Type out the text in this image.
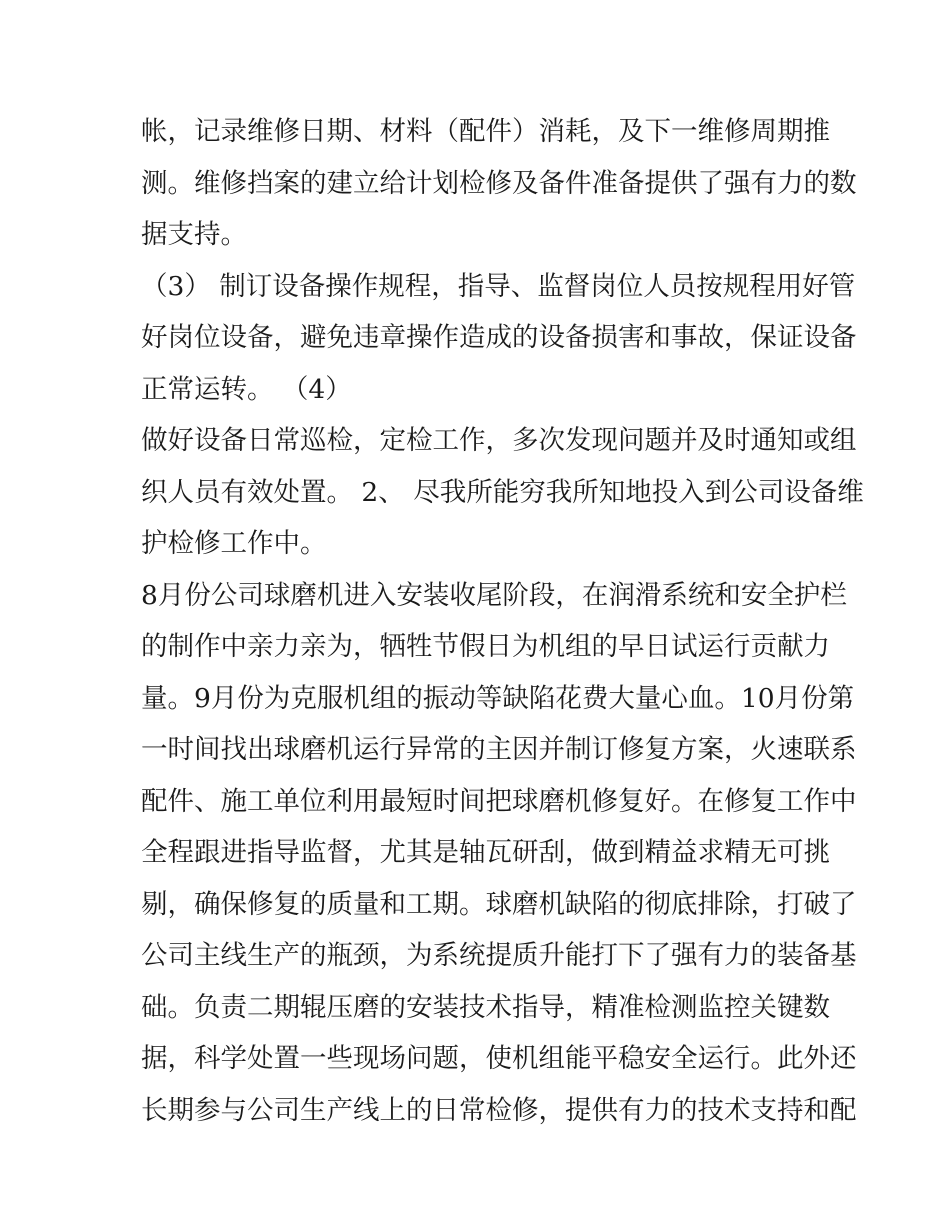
帐，记录维修日期、材料（配件）消耗，及下一维修周期推
测。维修挡案的建立给计划检修及备件准备提供了强有力的数
据支持。
（3） 制订设备操作规程，指导、监督岗位人员按规程用好管
好岗位设备，避免违章操作造成的设备损害和事故，保证设备
正常运转。 （4）
做好设备日常巡检，定检工作，多次发现问题并及时通知或组
织人员有效处置。 2、 尽我所能穷我所知地投入到公司设备维
护检修工作中。
8月份公司球磨机进入安装收尾阶段，在润滑系统和安全护栏
的制作中亲力亲为，牺牲节假日为机组的早日试运行贡献力
量。9月份为克服机组的振动等缺陷花费大量心血。10月份第
一时间找出球磨机运行异常的主因并制订修复方案，火速联系
配件、施工单位利用最短时间把球磨机修复好。在修复工作中
全程跟进指导监督，尤其是轴瓦研刮，做到精益求精无可挑
剔，确保修复的质量和工期。球磨机缺陷的彻底排除，打破了
公司主线生产的瓶颈，为系统提质升能打下了强有力的装备基
础。负责二期辊压磨的安装技术指导，精准检测监控关键数
据，科学处置一些现场问题，使机组能平稳安全运行。此外还
长期参与公司生产线上的日常检修，提供有力的技术支持和配
